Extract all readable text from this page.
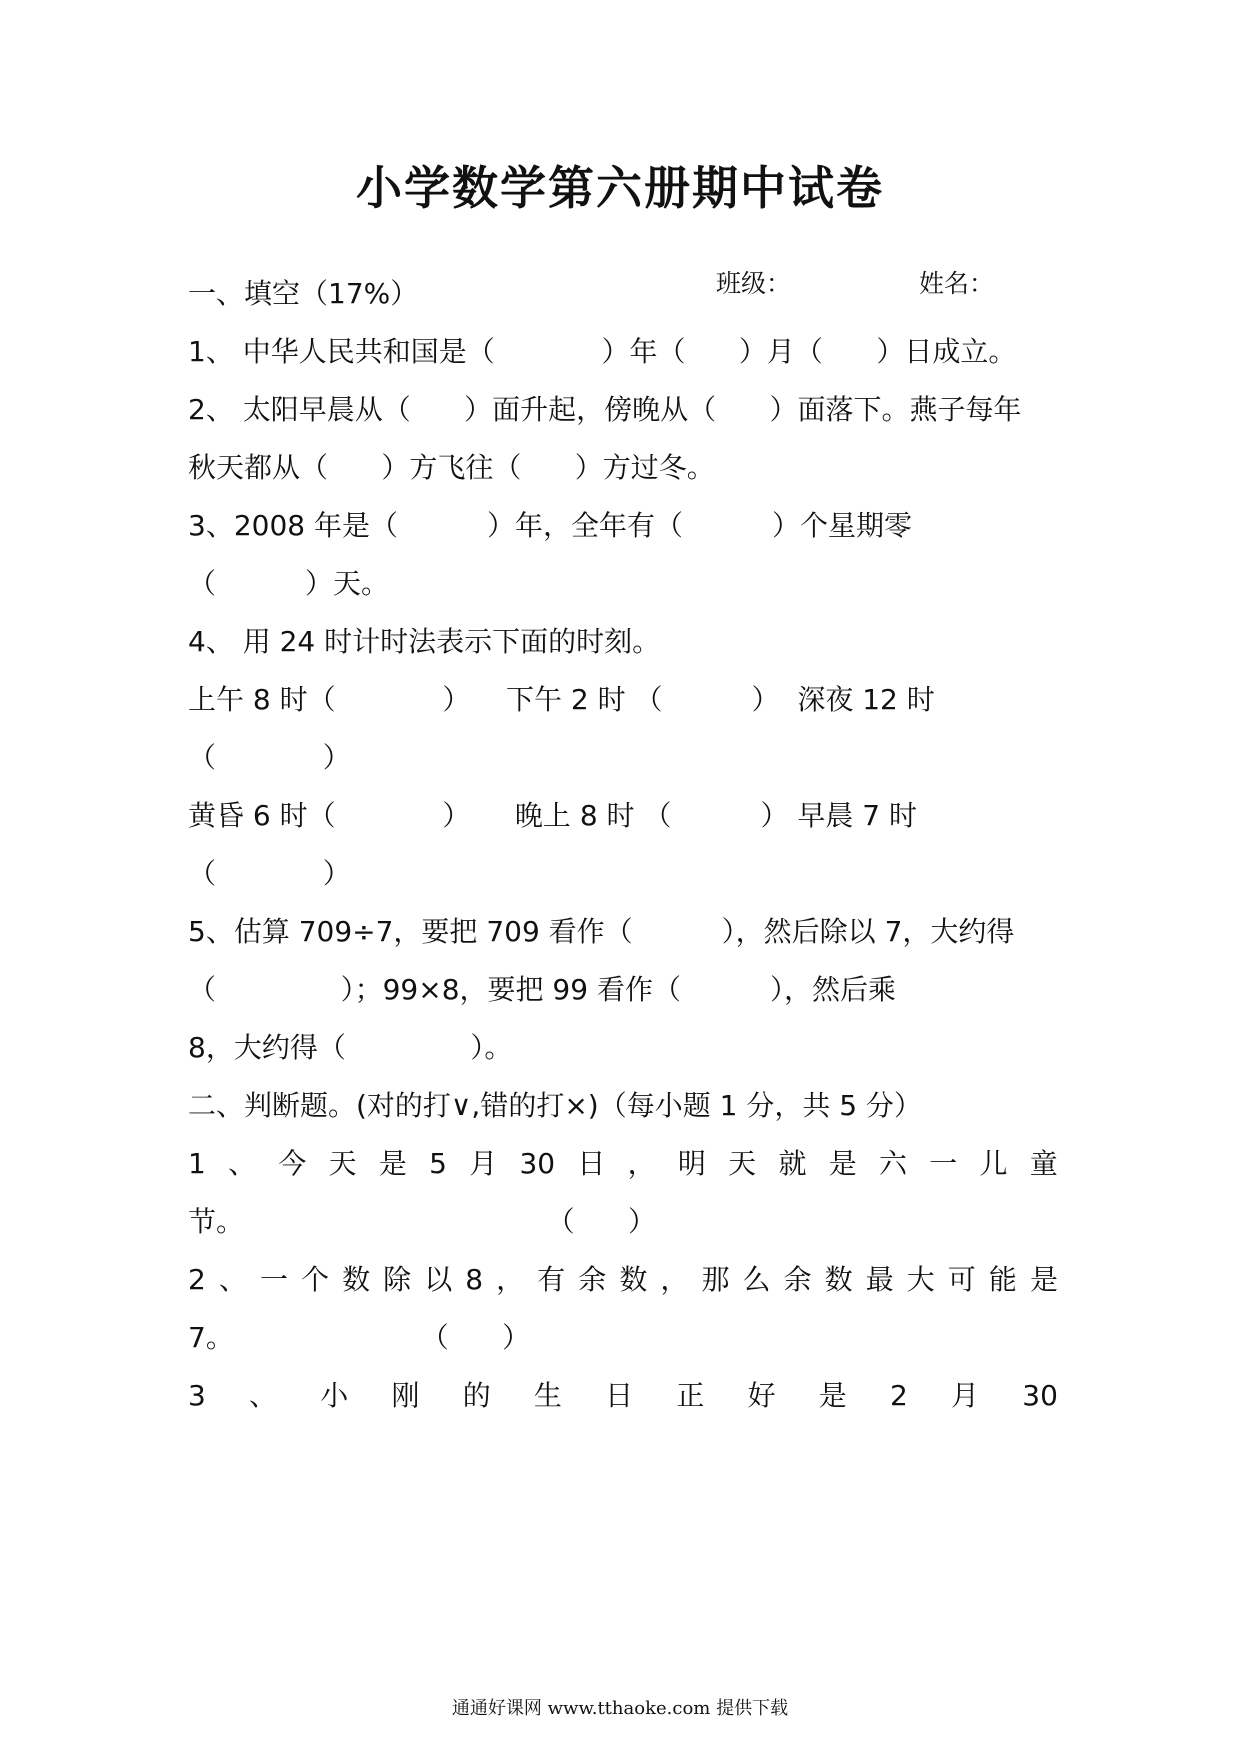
小学数学第六册期中试卷
班级：	姓名：
一、填空（17%）
1、 中华人民共和国是（            ）年（      ）月（      ）日成立。
2、 太阳早晨从（      ）面升起，傍晚从（      ）面落下。燕子每年
秋天都从（      ）方飞往（      ）方过冬。
3、2008 年是（          ）年，全年有（          ）个星期零
（          ）天。
4、 用 24 时计时法表示下面的时刻。
上午 8 时（            ）    下午 2 时 （          ）  深夜 12 时
（            ）
黄昏 6 时（            ）     晚上 8 时 （          ） 早晨 7 时
（            ）
5、估算 709÷7，要把 709 看作（          ），然后除以 7，大约得
（              ）；99×8，要把 99 看作（          ），然后乘
8，大约得（              ）。
二、判断题。(对的打∨,错的打×)（每小题 1 分，共 5 分）
1 、 今 天 是 5 月 30 日 ， 明 天 就 是 六 一 儿 童
节。                                  （      ）
2 、 一 个 数 除 以 8 ， 有 余 数 ， 那 么 余 数 最 大 可 能 是
7。                     （      ）
3 、 小 刚 的 生 日 正 好 是 2 月 30
通通好课网 www.tthaoke.com 提供下载
